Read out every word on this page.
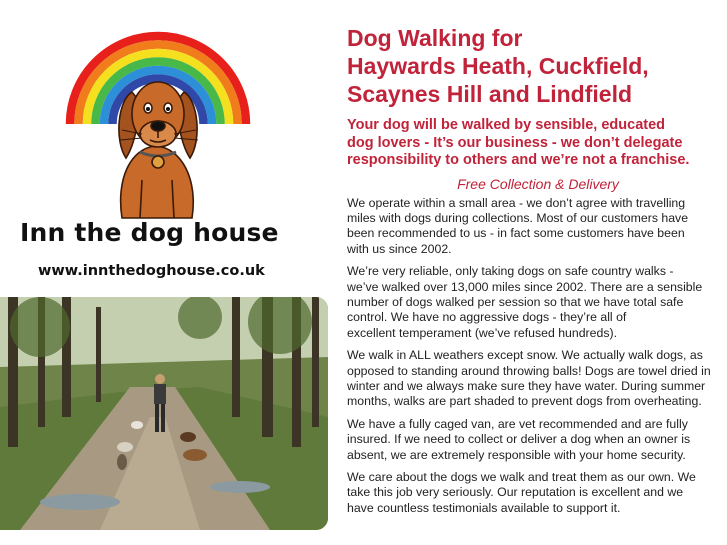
Inn the dog house
www.innthedoghouse.co.uk
Dog Walking for
Haywards Heath, Cuckfield,
Scaynes Hill and Lindfield

Your dog will be walked by sensible, educated
dog lovers - It’s our business - we don’t delegate
responsibility to others and we’re not a franchise.

Free Collection & Delivery

We operate within a small area - we don’t agree with travelling
miles with dogs during collections. Most of our customers have
been recommended to us - in fact some customers have been
with us since 2002.

We’re very reliable, only taking dogs on safe country walks -
we’ve walked over 13,000 miles since 2002. There are a sensible
number of dogs walked per session so that we have total safe
control. We have no aggressive dogs - they’re all of
excellent temperament (we’ve refused hundreds).

We walk in ALL weathers except snow. We actually walk dogs, as
opposed to standing around throwing balls! Dogs are towel dried in
winter and we always make sure they have water. During summer
months, walks are part shaded to prevent dogs from overheating.

We have a fully caged van, are vet recommended and are fully
insured. If we need to collect or deliver a dog when an owner is
absent, we are extremely responsible with your home security.

We care about the dogs we walk and treat them as our own. We
take this job very seriously. Our reputation is excellent and we
have countless testimonials available to support it.
